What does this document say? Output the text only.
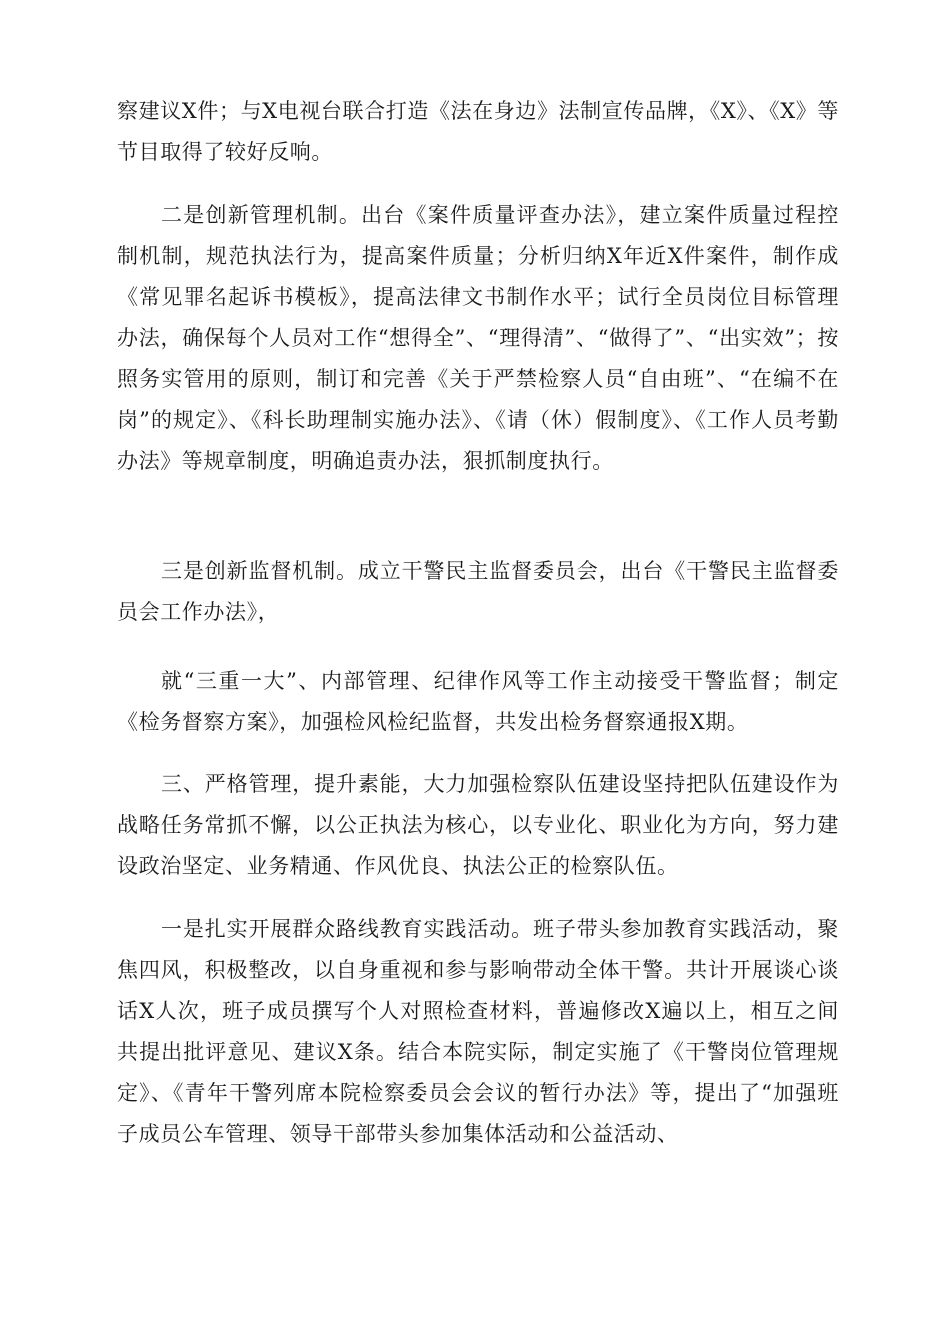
察建议X件；与X电视台联合打造《法在身边》法制宣传品牌，《X》、《X》等节目取得了较好反响。

二是创新管理机制。出台《案件质量评查办法》，建立案件质量过程控制机制，规范执法行为，提高案件质量；分析归纳X年近X件案件，制作成《常见罪名起诉书模板》，提高法律文书制作水平；试行全员岗位目标管理办法，确保每个人员对工作“想得全”、“理得清”、“做得了”、“出实效”；按照务实管用的原则，制订和完善《关于严禁检察人员“自由班”、“在编不在岗”的规定》、《科长助理制实施办法》、《请（休）假制度》、《工作人员考勤办法》等规章制度，明确追责办法，狠抓制度执行。

三是创新监督机制。成立干警民主监督委员会，出台《干警民主监督委员会工作办法》，

就“三重一大”、内部管理、纪律作风等工作主动接受干警监督；制定《检务督察方案》，加强检风检纪监督，共发出检务督察通报X期。

三、严格管理，提升素能，大力加强检察队伍建设坚持把队伍建设作为战略任务常抓不懈，以公正执法为核心，以专业化、职业化为方向，努力建设政治坚定、业务精通、作风优良、执法公正的检察队伍。

一是扎实开展群众路线教育实践活动。班子带头参加教育实践活动，聚焦四风，积极整改，以自身重视和参与影响带动全体干警。共计开展谈心谈话X人次，班子成员撰写个人对照检查材料，普遍修改X遍以上，相互之间共提出批评意见、建议X条。结合本院实际，制定实施了《干警岗位管理规定》、《青年干警列席本院检察委员会会议的暂行办法》等，提出了“加强班子成员公车管理、领导干部带头参加集体活动和公益活动、
